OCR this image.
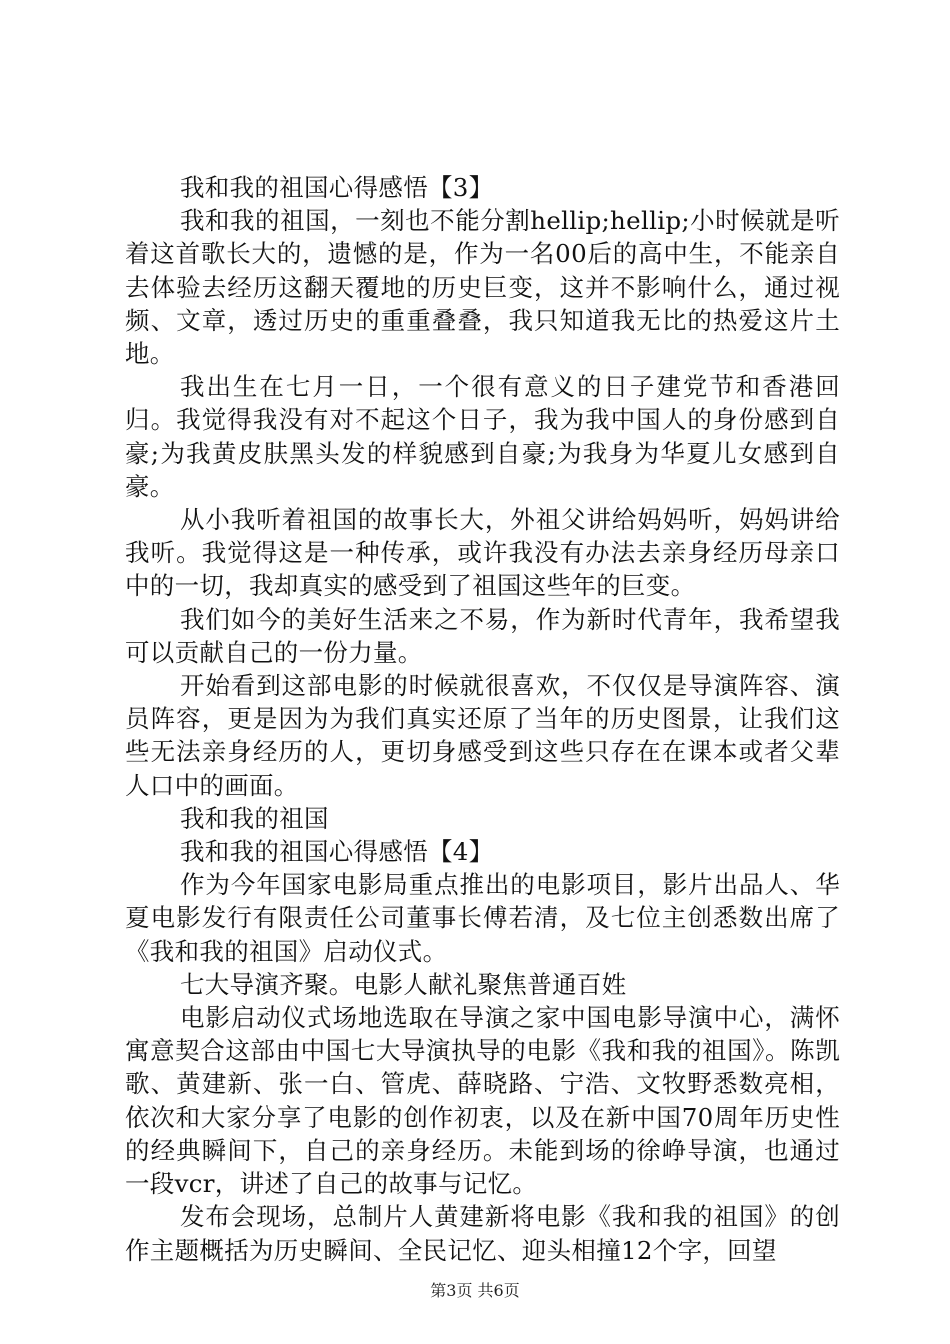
我和我的祖国心得感悟【3】

我和我的祖国，一刻也不能分割hellip;hellip;小时候就是听着这首歌长大的，遗憾的是，作为一名00后的高中生，不能亲自去体验去经历这翻天覆地的历史巨变，这并不影响什么，通过视频、文章，透过历史的重重叠叠，我只知道我无比的热爱这片土地。

我出生在七月一日，一个很有意义的日子建党节和香港回归。我觉得我没有对不起这个日子，我为我中国人的身份感到自豪;为我黄皮肤黑头发的样貌感到自豪;为我身为华夏儿女感到自豪。

从小我听着祖国的故事长大，外祖父讲给妈妈听，妈妈讲给我听。我觉得这是一种传承，或许我没有办法去亲身经历母亲口中的一切，我却真实的感受到了祖国这些年的巨变。

我们如今的美好生活来之不易，作为新时代青年，我希望我可以贡献自己的一份力量。

开始看到这部电影的时候就很喜欢，不仅仅是导演阵容、演员阵容，更是因为为我们真实还原了当年的历史图景，让我们这些无法亲身经历的人，更切身感受到这些只存在在课本或者父辈人口中的画面。

我和我的祖国

我和我的祖国心得感悟【4】

作为今年国家电影局重点推出的电影项目，影片出品人、华夏电影发行有限责任公司董事长傅若清，及七位主创悉数出席了《我和我的祖国》启动仪式。

七大导演齐聚。电影人献礼聚焦普通百姓

电影启动仪式场地选取在导演之家中国电影导演中心，满怀寓意契合这部由中国七大导演执导的电影《我和我的祖国》。陈凯歌、黄建新、张一白、管虎、薛晓路、宁浩、文牧野悉数亮相，依次和大家分享了电影的创作初衷，以及在新中国70周年历史性的经典瞬间下，自己的亲身经历。未能到场的徐峥导演，也通过一段vcr，讲述了自己的故事与记忆。

发布会现场，总制片人黄建新将电影《我和我的祖国》的创作主题概括为历史瞬间、全民记忆、迎头相撞12个字，回望

第3页 共6页
